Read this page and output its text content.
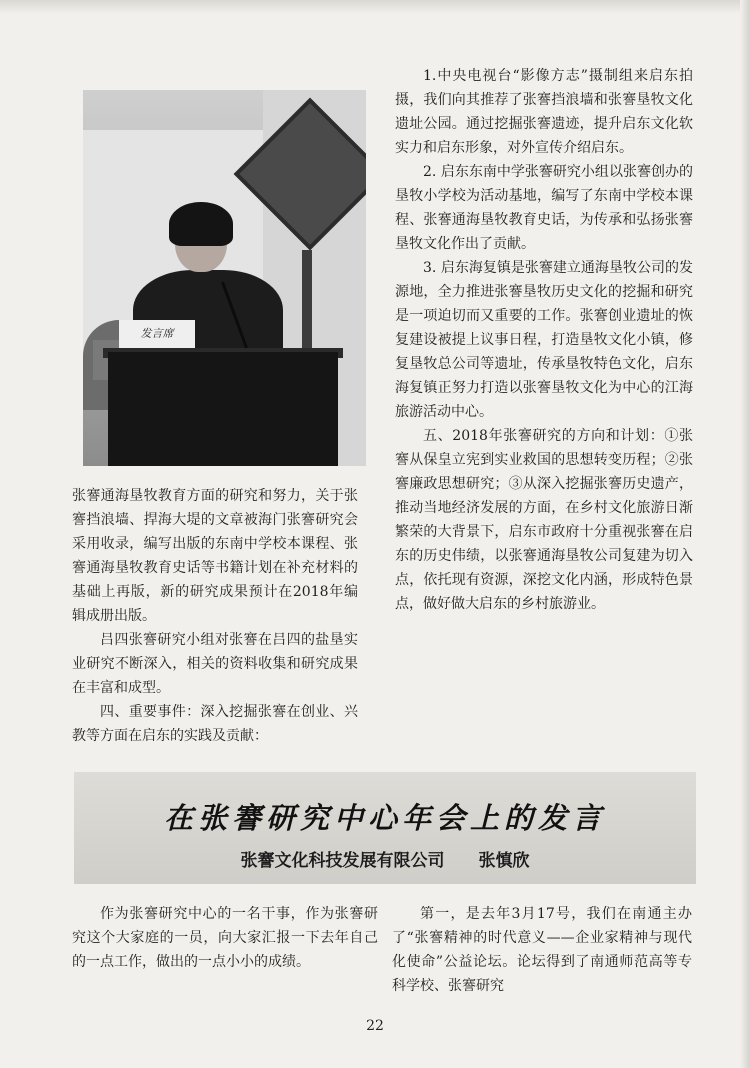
发言席

张謇通海垦牧教育方面的研究和努力，关于张謇挡浪墙、捍海大堤的文章被海门张謇研究会采用收录，编写出版的东南中学校本课程、张謇通海垦牧教育史话等书籍计划在补充材料的基础上再版，新的研究成果预计在2018年编辑成册出版。

吕四张謇研究小组对张謇在吕四的盐垦实业研究不断深入，相关的资料收集和研究成果在丰富和成型。

四、重要事件：深入挖掘张謇在创业、兴教等方面在启东的实践及贡献：

1.中央电视台“影像方志”摄制组来启东拍摄，我们向其推荐了张謇挡浪墙和张謇垦牧文化遗址公园。通过挖掘张謇遗迹，提升启东文化软实力和启东形象，对外宣传介绍启东。

2. 启东东南中学张謇研究小组以张謇创办的垦牧小学校为活动基地，编写了东南中学校本课程、张謇通海垦牧教育史话，为传承和弘扬张謇垦牧文化作出了贡献。

3. 启东海复镇是张謇建立通海垦牧公司的发源地，全力推进张謇垦牧历史文化的挖掘和研究是一项迫切而又重要的工作。张謇创业遗址的恢复建设被提上议事日程，打造垦牧文化小镇，修复垦牧总公司等遗址，传承垦牧特色文化，启东海复镇正努力打造以张謇垦牧文化为中心的江海旅游活动中心。

五、2018年张謇研究的方向和计划：①张謇从保皇立宪到实业救国的思想转变历程；②张謇廉政思想研究；③从深入挖掘张謇历史遗产，推动当地经济发展的方面，在乡村文化旅游日渐繁荣的大背景下，启东市政府十分重视张謇在启东的历史伟绩，以张謇通海垦牧公司复建为切入点，依托现有资源，深挖文化内涵，形成特色景点，做好做大启东的乡村旅游业。

在张謇研究中心年会上的发言
张謇文化科技发展有限公司 张慎欣

作为张謇研究中心的一名干事，作为张謇研究这个大家庭的一员，向大家汇报一下去年自己的一点工作，做出的一点小小的成绩。

第一，是去年3月17号，我们在南通主办了“张謇精神的时代意义——企业家精神与现代化使命”公益论坛。论坛得到了南通师范高等专科学校、张謇研究

22
